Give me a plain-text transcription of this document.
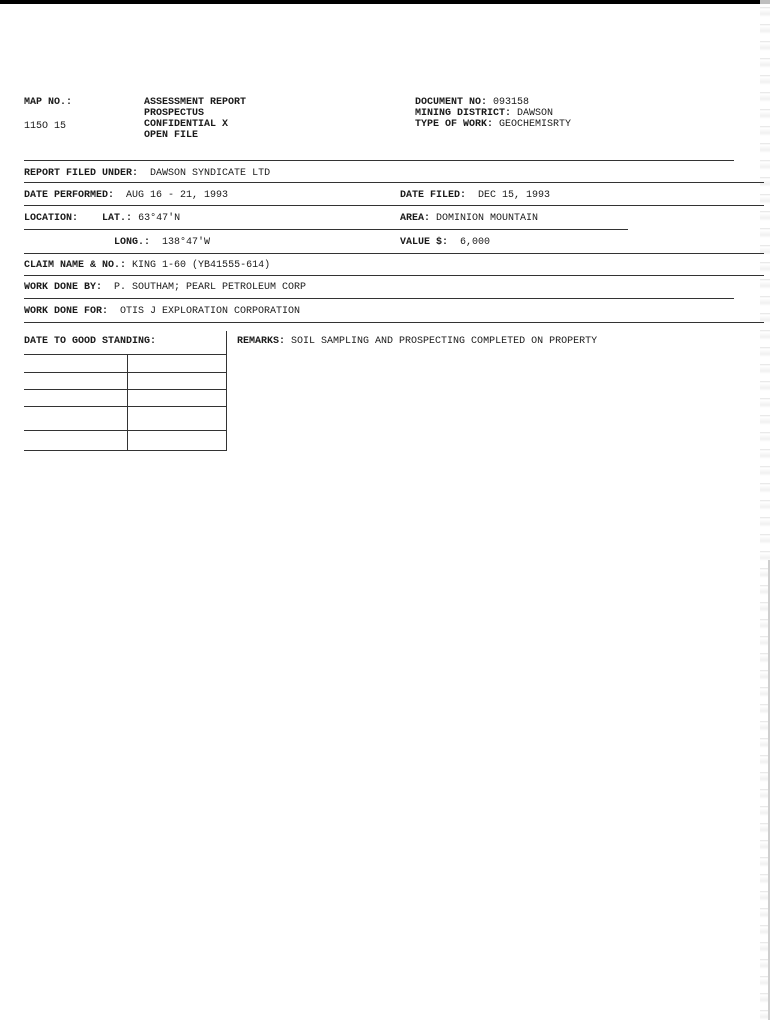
MAP NO.:
115O 15
ASSESSMENT REPORT
PROSPECTUS
CONFIDENTIAL X
OPEN FILE
DOCUMENT NO: 093158
MINING DISTRICT: DAWSON
TYPE OF WORK: GEOCHEMISRTY
REPORT FILED UNDER: DAWSON SYNDICATE LTD
DATE PERFORMED: AUG 16 - 21, 1993	DATE FILED: DEC 15, 1993
LOCATION: LAT.: 63°47'N	AREA: DOMINION MOUNTAIN
LONG.: 138°47'W	VALUE $: 6,000
CLAIM NAME & NO.: KING 1-60 (YB41555-614)
WORK DONE BY: P. SOUTHAM; PEARL PETROLEUM CORP
WORK DONE FOR: OTIS J EXPLORATION CORPORATION
DATE TO GOOD STANDING:	REMARKS: SOIL SAMPLING AND PROSPECTING COMPLETED ON PROPERTY
